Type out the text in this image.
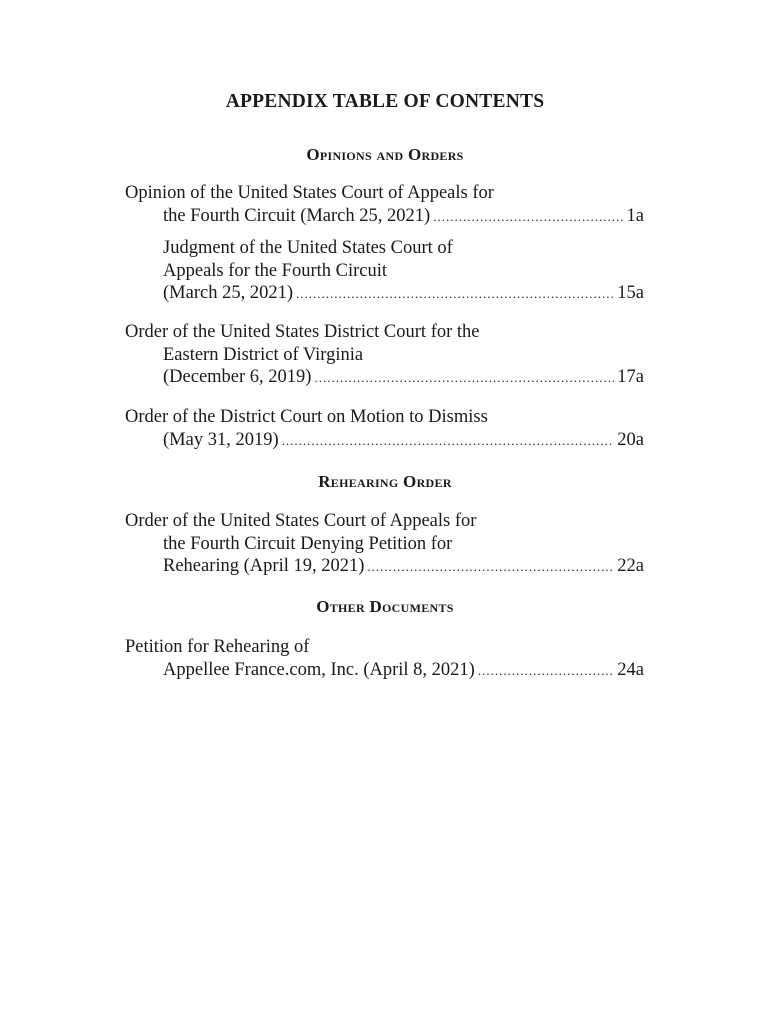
APPENDIX TABLE OF CONTENTS
Opinions and Orders
Opinion of the United States Court of Appeals for
the Fourth Circuit (March 25, 2021) .....	1a
Judgment of the United States Court of
Appeals for the Fourth Circuit
(March 25, 2021) .....	15a
Order of the United States District Court for the
Eastern District of Virginia
(December 6, 2019) .....	17a
Order of the District Court on Motion to Dismiss
(May 31, 2019) .....	20a
Rehearing Order
Order of the United States Court of Appeals for
the Fourth Circuit Denying Petition for
Rehearing (April 19, 2021) .....	22a
Other Documents
Petition for Rehearing of
Appellee France.com, Inc. (April 8, 2021) .....	24a
